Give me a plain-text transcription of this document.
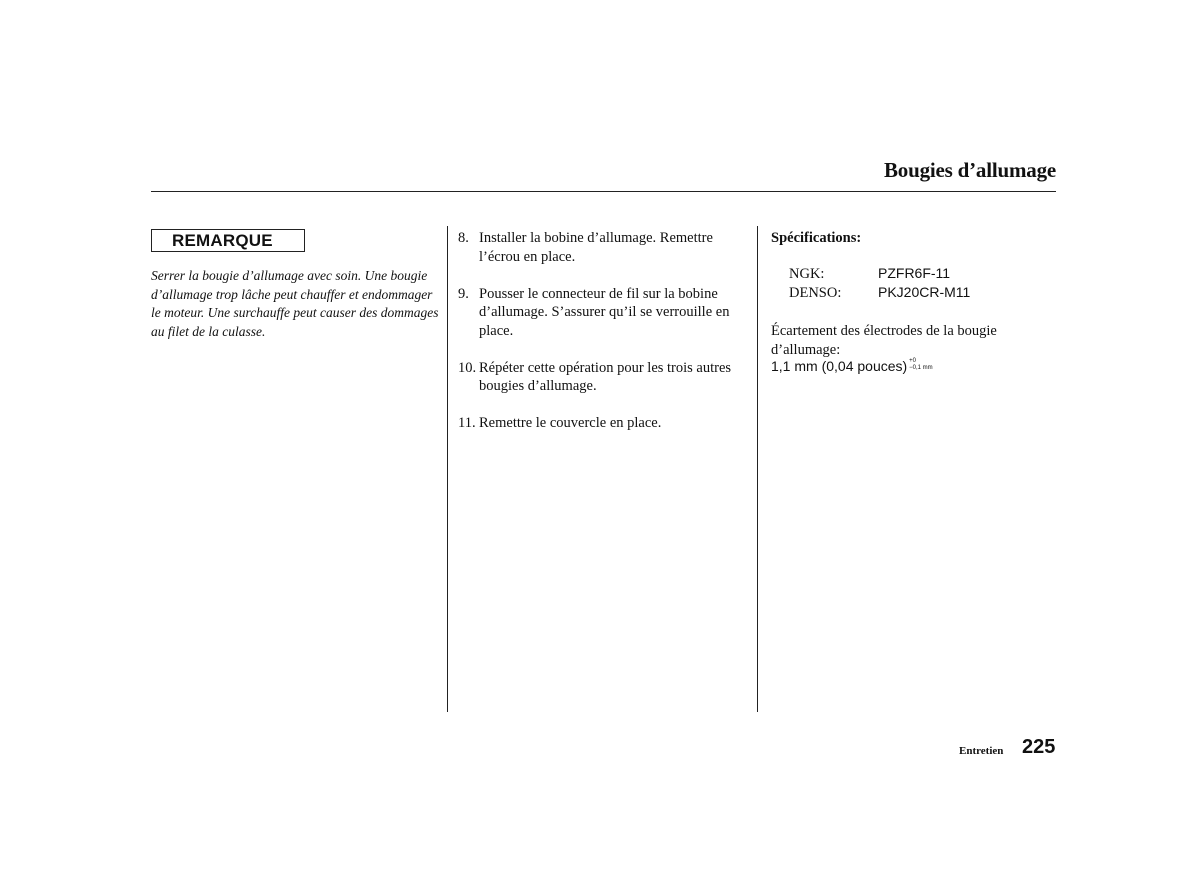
Bougies d’allumage
REMARQUE

Serrer la bougie d’allumage avec soin. Une bougie d’allumage trop lâche peut chauffer et endommager le moteur. Une surchauffe peut causer des dommages au filet de la culasse.

8. Installer la bobine d’allumage. Remettre l’écrou en place.
9. Pousser le connecteur de fil sur la bobine d’allumage. S’assurer qu’il se verrouille en place.
10. Répéter cette opération pour les trois autres bougies d’allumage.
11. Remettre le couvercle en place.

Spécifications:

NGK:	PZFR6F-11
DENSO:	PKJ20CR-M11

Écartement des électrodes de la bougie d’allumage:

1,1 mm (0,04 pouces) +0
−0,1 mm
Entretien 225
